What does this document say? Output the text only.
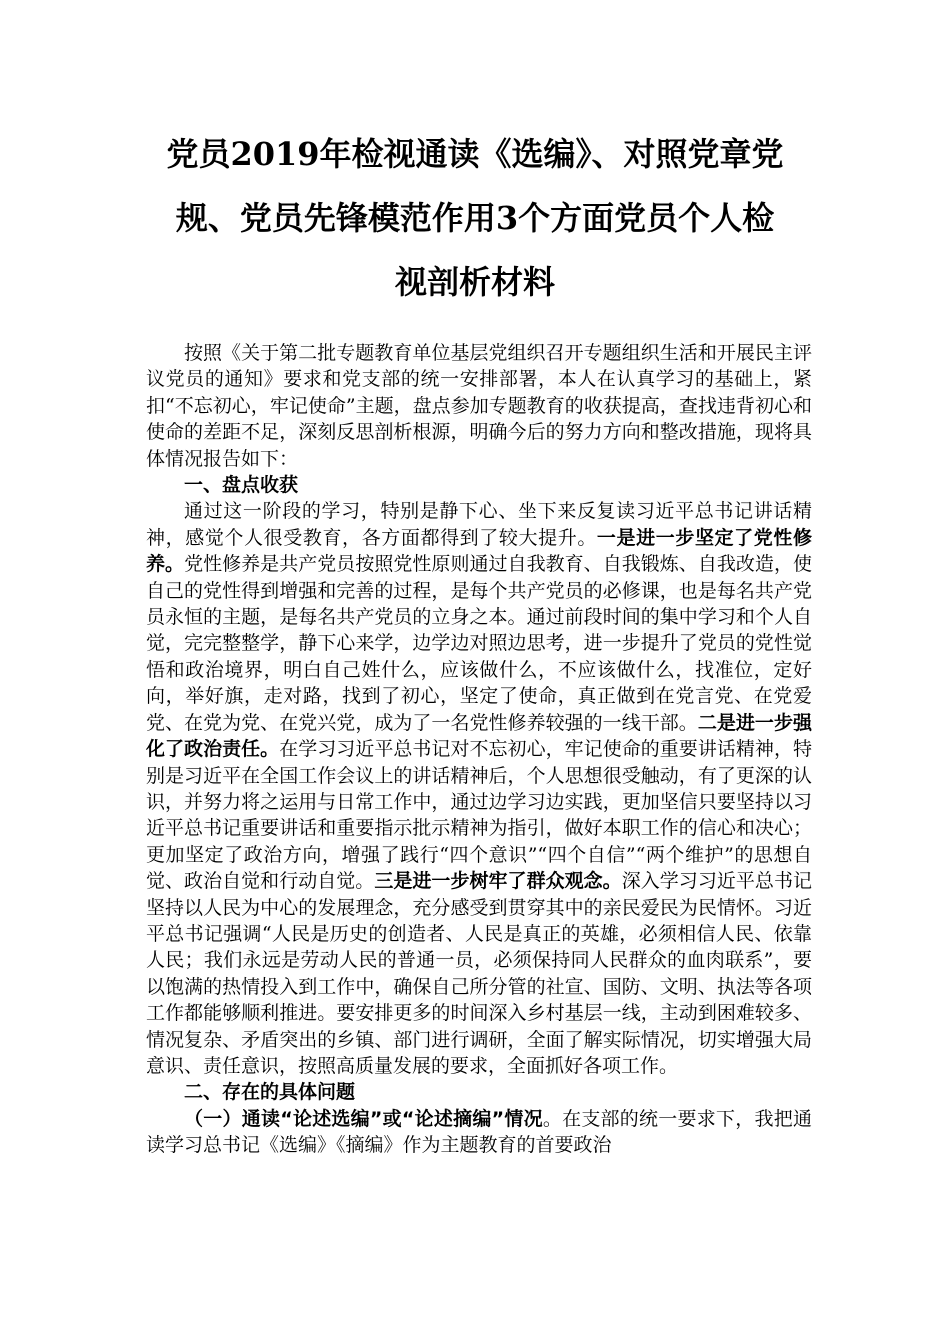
党员2019年检视通读《选编》、对照党章党
规、党员先锋模范作用3个方面党员个人检
视剖析材料

按照《关于第二批专题教育单位基层党组织召开专题组织生活和开展民主评议党员的通知》要求和党支部的统一安排部署，本人在认真学习的基础上，紧扣“不忘初心，牢记使命”主题，盘点参加专题教育的收获提高，查找违背初心和使命的差距不足，深刻反思剖析根源，明确今后的努力方向和整改措施，现将具体情况报告如下：

一、盘点收获

通过这一阶段的学习，特别是静下心、坐下来反复读习近平总书记讲话精神，感觉个人很受教育，各方面都得到了较大提升。一是进一步坚定了党性修养。党性修养是共产党员按照党性原则通过自我教育、自我锻炼、自我改造，使自己的党性得到增强和完善的过程，是每个共产党员的必修课，也是每名共产党员永恒的主题，是每名共产党员的立身之本。通过前段时间的集中学习和个人自觉，完完整整学，静下心来学，边学边对照边思考，进一步提升了党员的党性觉悟和政治境界，明白自己姓什么，应该做什么，不应该做什么，找准位，定好向，举好旗，走对路，找到了初心，坚定了使命，真正做到在党言党、在党爱党、在党为党、在党兴党，成为了一名党性修养较强的一线干部。二是进一步强化了政治责任。在学习习近平总书记对不忘初心，牢记使命的重要讲话精神，特别是习近平在全国工作会议上的讲话精神后，个人思想很受触动，有了更深的认识，并努力将之运用与日常工作中，通过边学习边实践，更加坚信只要坚持以习近平总书记重要讲话和重要指示批示精神为指引，做好本职工作的信心和决心；更加坚定了政治方向，增强了践行“四个意识”“四个自信”“两个维护”的思想自觉、政治自觉和行动自觉。三是进一步树牢了群众观念。深入学习习近平总书记坚持以人民为中心的发展理念，充分感受到贯穿其中的亲民爱民为民情怀。习近平总书记强调“人民是历史的创造者、人民是真正的英雄，必须相信人民、依靠人民；我们永远是劳动人民的普通一员，必须保持同人民群众的血肉联系”，要以饱满的热情投入到工作中，确保自己所分管的社宣、国防、文明、执法等各项工作都能够顺利推进。要安排更多的时间深入乡村基层一线，主动到困难较多、情况复杂、矛盾突出的乡镇、部门进行调研，全面了解实际情况，切实增强大局意识、责任意识，按照高质量发展的要求，全面抓好各项工作。

二、存在的具体问题

（一）通读“论述选编”或“论述摘编”情况。在支部的统一要求下，我把通读学习总书记《选编》《摘编》作为主题教育的首要政治
